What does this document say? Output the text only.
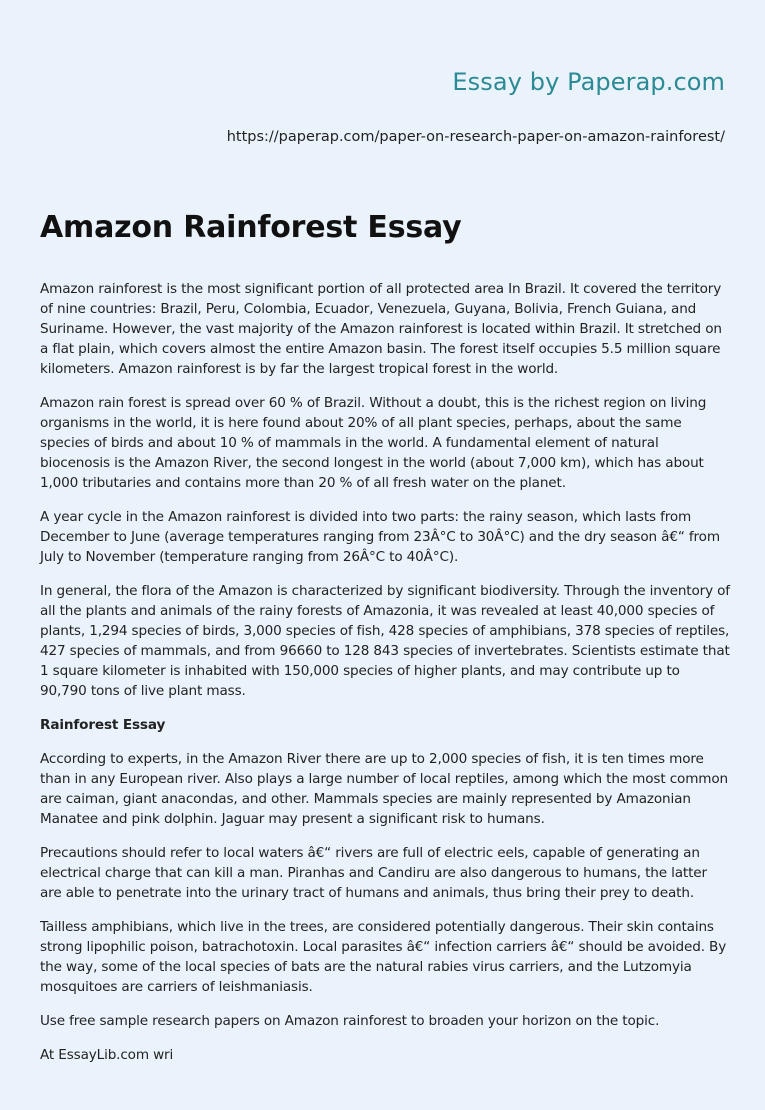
Essay by Paperap.com
https://paperap.com/paper-on-research-paper-on-amazon-rainforest/
Amazon Rainforest Essay

Amazon rainforest is the most significant portion of all protected area In Brazil. It covered the territory of nine countries: Brazil, Peru, Colombia, Ecuador, Venezuela, Guyana, Bolivia, French Guiana, and Suriname. However, the vast majority of the Amazon rainforest is located within Brazil. It stretched on a flat plain, which covers almost the entire Amazon basin. The forest itself occupies 5.5 million square kilometers. Amazon rainforest is by far the largest tropical forest in the world.

Amazon rain forest is spread over 60 % of Brazil. Without a doubt, this is the richest region on living organisms in the world, it is here found about 20% of all plant species, perhaps, about the same species of birds and about 10 % of mammals in the world. A fundamental element of natural biocenosis is the Amazon River, the second longest in the world (about 7,000 km), which has about 1,000 tributaries and contains more than 20 % of all fresh water on the planet.

A year cycle in the Amazon rainforest is divided into two parts: the rainy season, which lasts from December to June (average temperatures ranging from 23Â°C to 30Â°C) and the dry season â€“ from July to November (temperature ranging from 26Â°C to 40Â°C).

In general, the flora of the Amazon is characterized by significant biodiversity. Through the inventory of all the plants and animals of the rainy forests of Amazonia, it was revealed at least 40,000 species of plants, 1,294 species of birds, 3,000 species of fish, 428 species of amphibians, 378 species of reptiles, 427 species of mammals, and from 96660 to 128 843 species of invertebrates. Scientists estimate that 1 square kilometer is inhabited with 150,000 species of higher plants, and may contribute up to 90,790 tons of live plant mass.

Rainforest Essay

According to experts, in the Amazon River there are up to 2,000 species of fish, it is ten times more than in any European river. Also plays a large number of local reptiles, among which the most common are caiman, giant anacondas, and other. Mammals species are mainly represented by Amazonian Manatee and pink dolphin. Jaguar may present a significant risk to humans.

Precautions should refer to local waters â€“ rivers are full of electric eels, capable of generating an electrical charge that can kill a man. Piranhas and Candiru are also dangerous to humans, the latter are able to penetrate into the urinary tract of humans and animals, thus bring their prey to death.

Tailless amphibians, which live in the trees, are considered potentially dangerous. Their skin contains strong lipophilic poison, batrachotoxin. Local parasites â€“ infection carriers â€“ should be avoided. By the way, some of the local species of bats are the natural rabies virus carriers, and the Lutzomyia mosquitoes are carriers of leishmaniasis.

Use free sample research papers on Amazon rainforest to broaden your horizon on the topic.

At EssayLib.com wri
